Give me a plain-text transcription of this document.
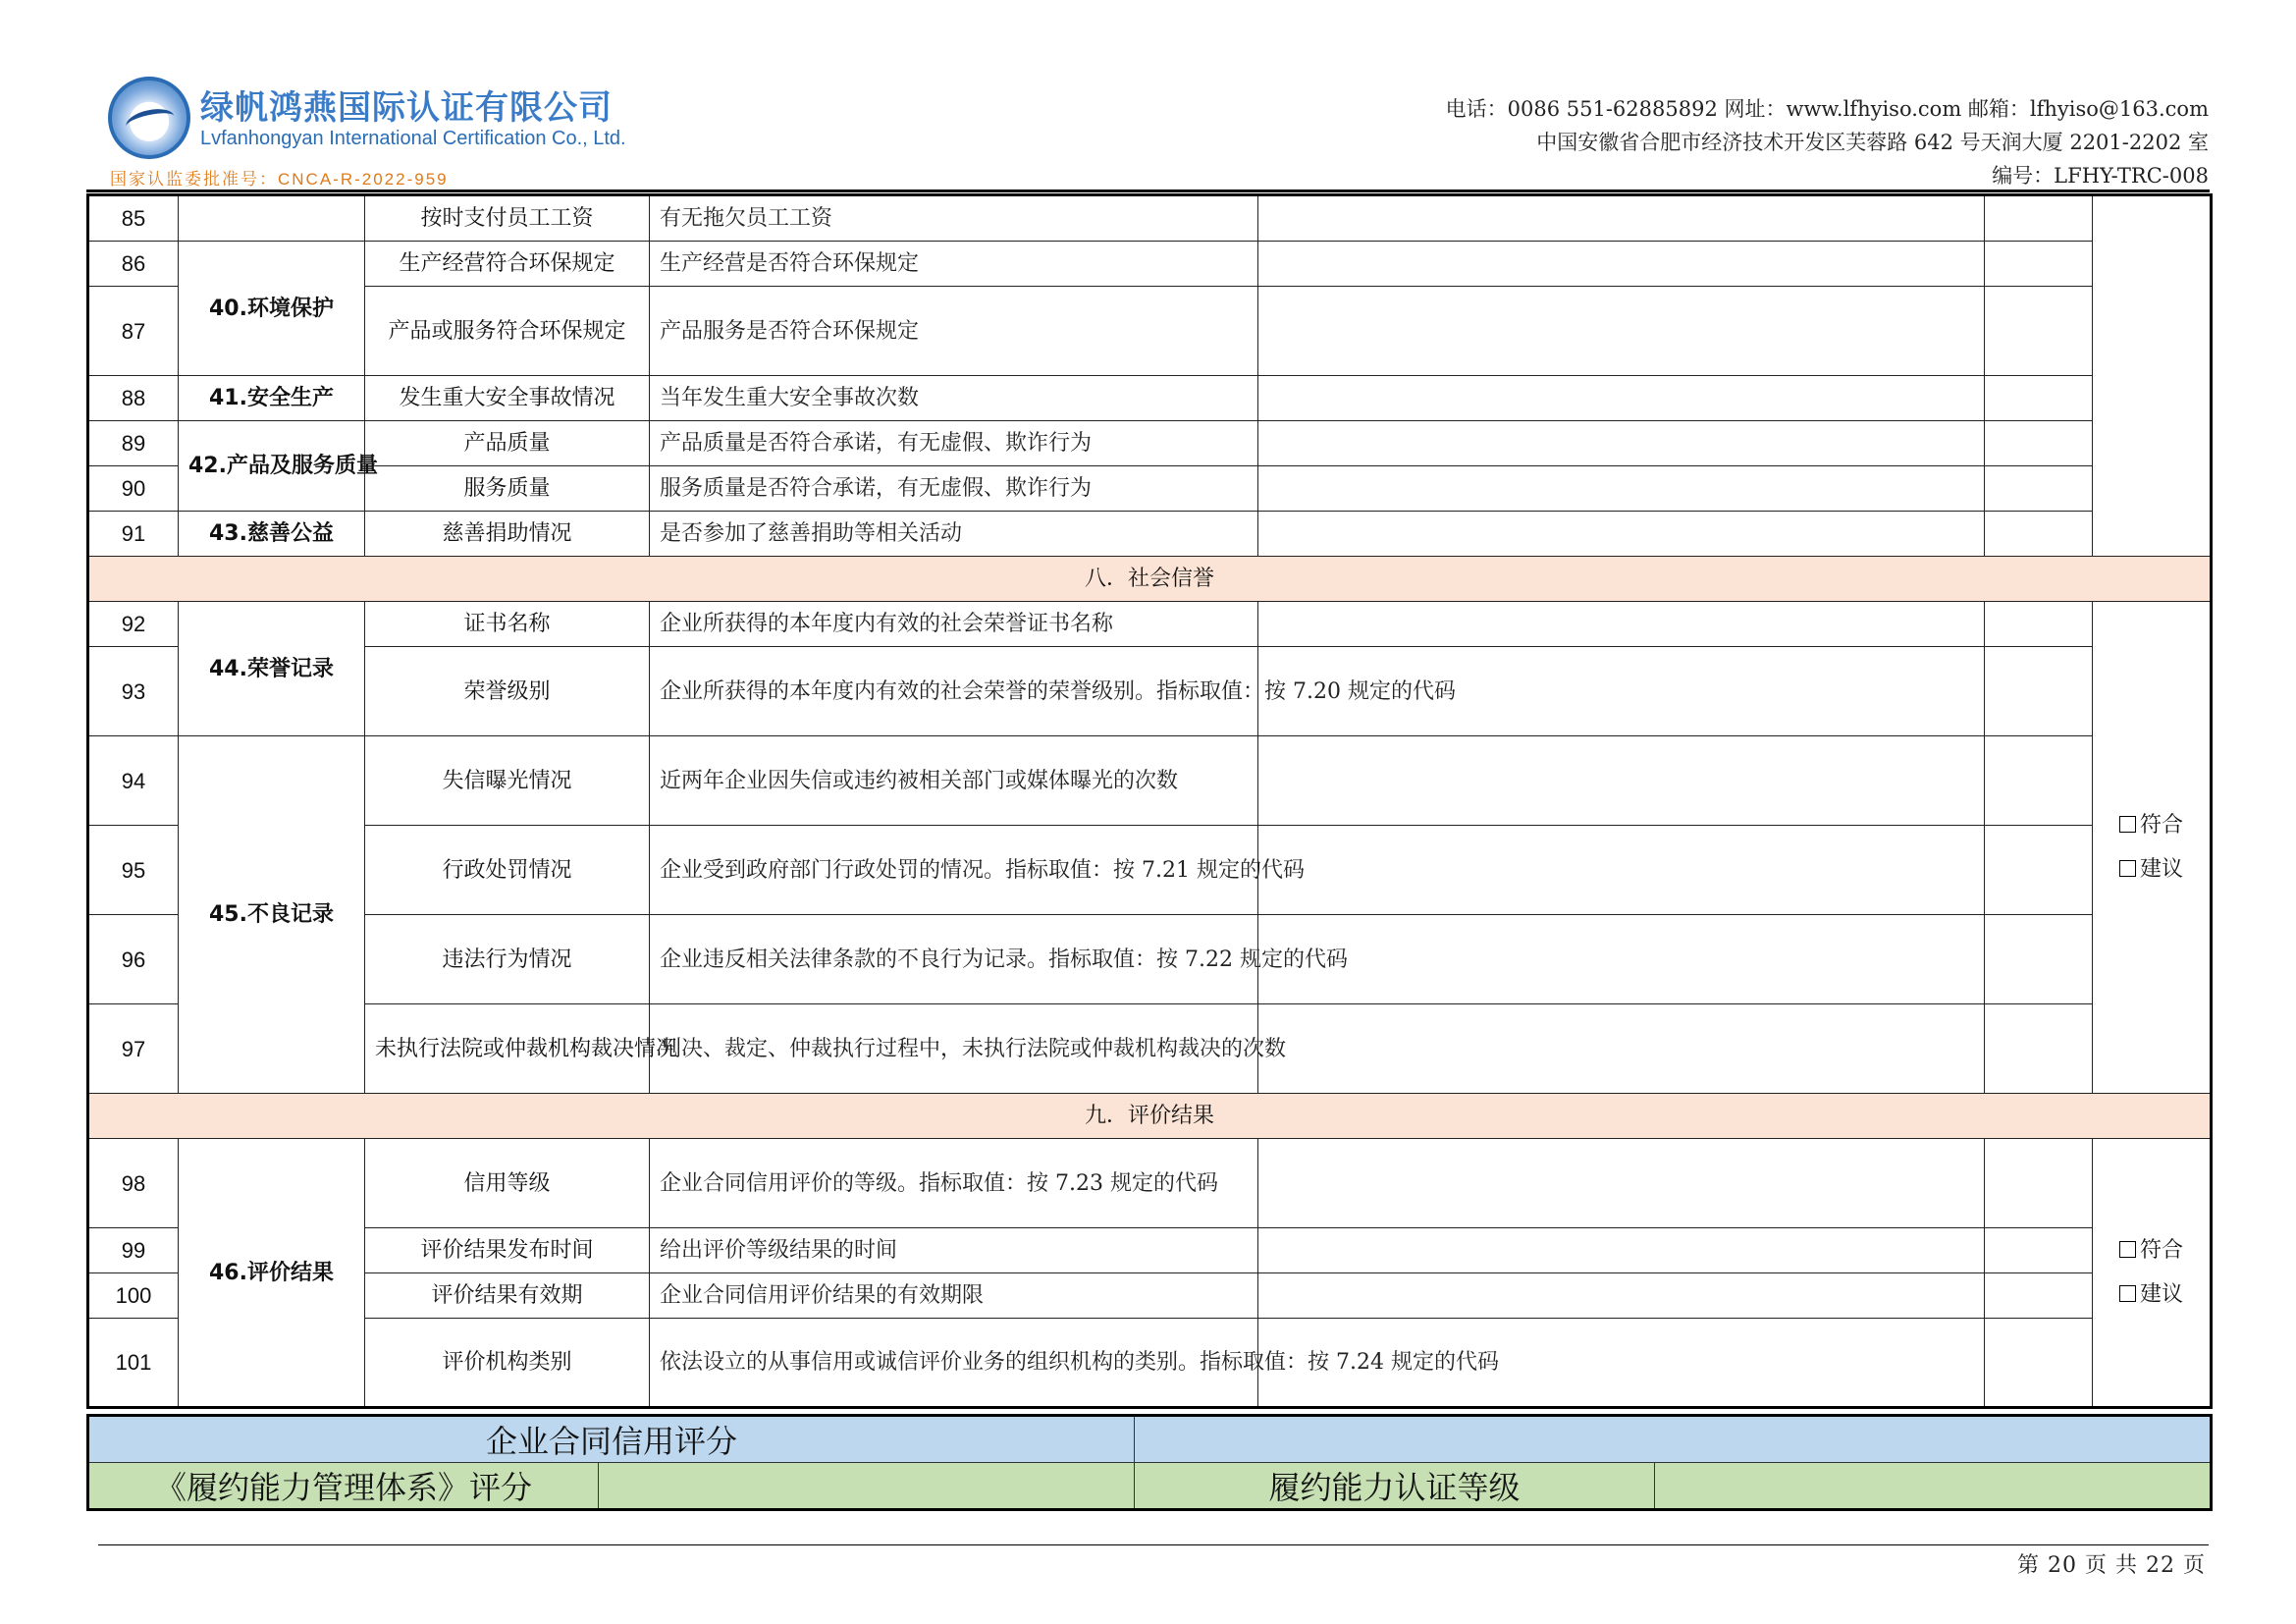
绿帆鸿燕国际认证有限公司
Lvfanhongyan International Certification Co., Ltd.
国家认监委批准号：CNCA-R-2022-959
电话：0086 551-62885892 网址：www.lfhyiso.com 邮箱：lfhyiso@163.com
中国安徽省合肥市经济技术开发区芙蓉路 642 号天润大厦 2201-2202 室
编号：LFHY-TRC-008
85		按时支付员工工资	有无拖欠员工工资			
86	40.环境保护	生产经营符合环保规定	生产经营是否符合环保规定			
87		产品或服务符合环保规定	产品服务是否符合环保规定			
88	41.安全生产	发生重大安全事故情况	当年发生重大安全事故次数			
89	42.产品及服务质量	产品质量	产品质量是否符合承诺，有无虚假、欺诈行为			
90		服务质量	服务质量是否符合承诺，有无虚假、欺诈行为			
91	43.慈善公益	慈善捐助情况	是否参加了慈善捐助等相关活动			
八．社会信誉						
92	44.荣誉记录	证书名称	企业所获得的本年度内有效的社会荣誉证书名称			符合
建议

93		荣誉级别	企业所获得的本年度内有效的社会荣誉的荣誉级别。指标取值：按 7.20 规定的代码			
94	45.不良记录	失信曝光情况	近两年企业因失信或违约被相关部门或媒体曝光的次数			
95		行政处罚情况	企业受到政府部门行政处罚的情况。指标取值：按 7.21 规定的代码			
96		违法行为情况	企业违反相关法律条款的不良行为记录。指标取值：按 7.22 规定的代码			
97		未执行法院或仲裁机构裁决情况	判决、裁定、仲裁执行过程中，未执行法院或仲裁机构裁决的次数			
九．评价结果						
98	46.评价结果	信用等级	企业合同信用评价的等级。指标取值：按 7.23 规定的代码			符合
建议

99		评价结果发布时间	给出评价等级结果的时间			
100		评价结果有效期	企业合同信用评价结果的有效期限			
101		评价机构类别	依法设立的从事信用或诚信评价业务的组织机构的类别。指标取值：按 7.24 规定的代码			
企业合同信用评分			
《履约能力管理体系》评分		履约能力认证等级	
第 20 页 共 22 页
